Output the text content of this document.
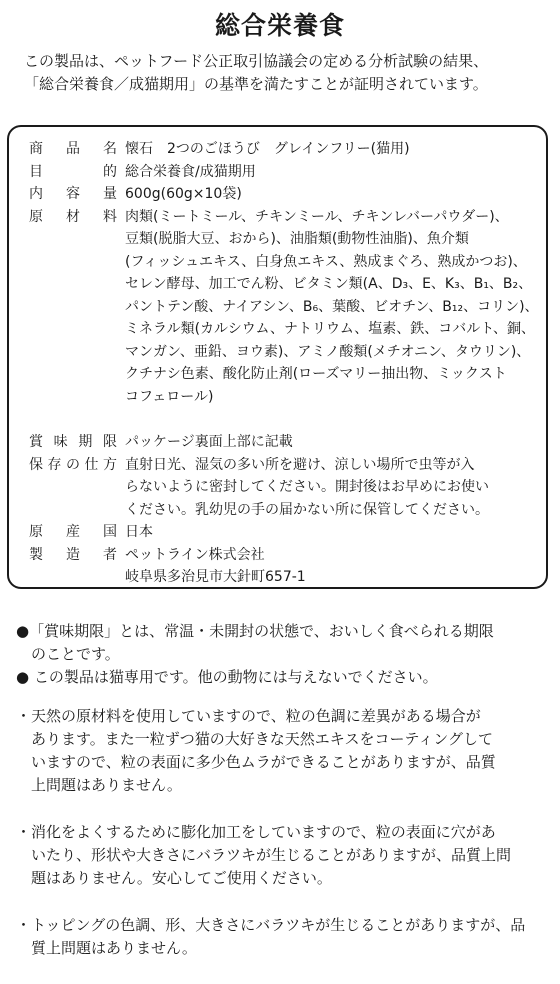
総合栄養食
この製品は、ペットフード公正取引協議会の定める分析試験の結果、
「総合栄養食／成猫期用」の基準を満たすことが証明されています。
商品名 懐石　2つのごほうび　グレインフリー(猫用)
目的 総合栄養食/成猫期用
内容量 600g(60g×10袋)
原材料 肉類(ミートミール、チキンミール、チキンレバーパウダー)、
豆類(脱脂大豆、おから)、油脂類(動物性油脂)、魚介類
(フィッシュエキス、白身魚エキス、熟成まぐろ、熟成かつお)、
セレン酵母、加工でん粉、ビタミン類(A、D₃、E、K₃、B₁、B₂、
パントテン酸、ナイアシン、B₆、葉酸、ビオチン、B₁₂、コリン)、
ミネラル類(カルシウム、ナトリウム、塩素、鉄、コバルト、銅、
マンガン、亜鉛、ヨウ素)、アミノ酸類(メチオニン、タウリン)、
クチナシ色素、酸化防止剤(ローズマリー抽出物、ミックスト
コフェロール)
賞味期限 パッケージ裏面上部に記載
保存の仕方 直射日光、湿気の多い所を避け、涼しい場所で虫等が入
らないように密封してください。開封後はお早めにお使い
ください。乳幼児の手の届かない所に保管してください。
原産国 日本
製造者 ペットライン株式会社
岐阜県多治見市大針町657-1
●「賞味期限」とは、常温・未開封の状態で、おいしく食べられる期限
　のことです。
● この製品は猫専用です。他の動物には与えないでください。
・天然の原材料を使用していますので、粒の色調に差異がある場合が
　あります。また一粒ずつ猫の大好きな天然エキスをコーティングして
　いますので、粒の表面に多少色ムラができることがありますが、品質
　上問題はありません。
・消化をよくするために膨化加工をしていますので、粒の表面に穴があ
　いたり、形状や大きさにバラツキが生じることがありますが、品質上問
　題はありません。安心してご使用ください。
・トッピングの色調、形、大きさにバラツキが生じることがありますが、品
　質上問題はありません。
